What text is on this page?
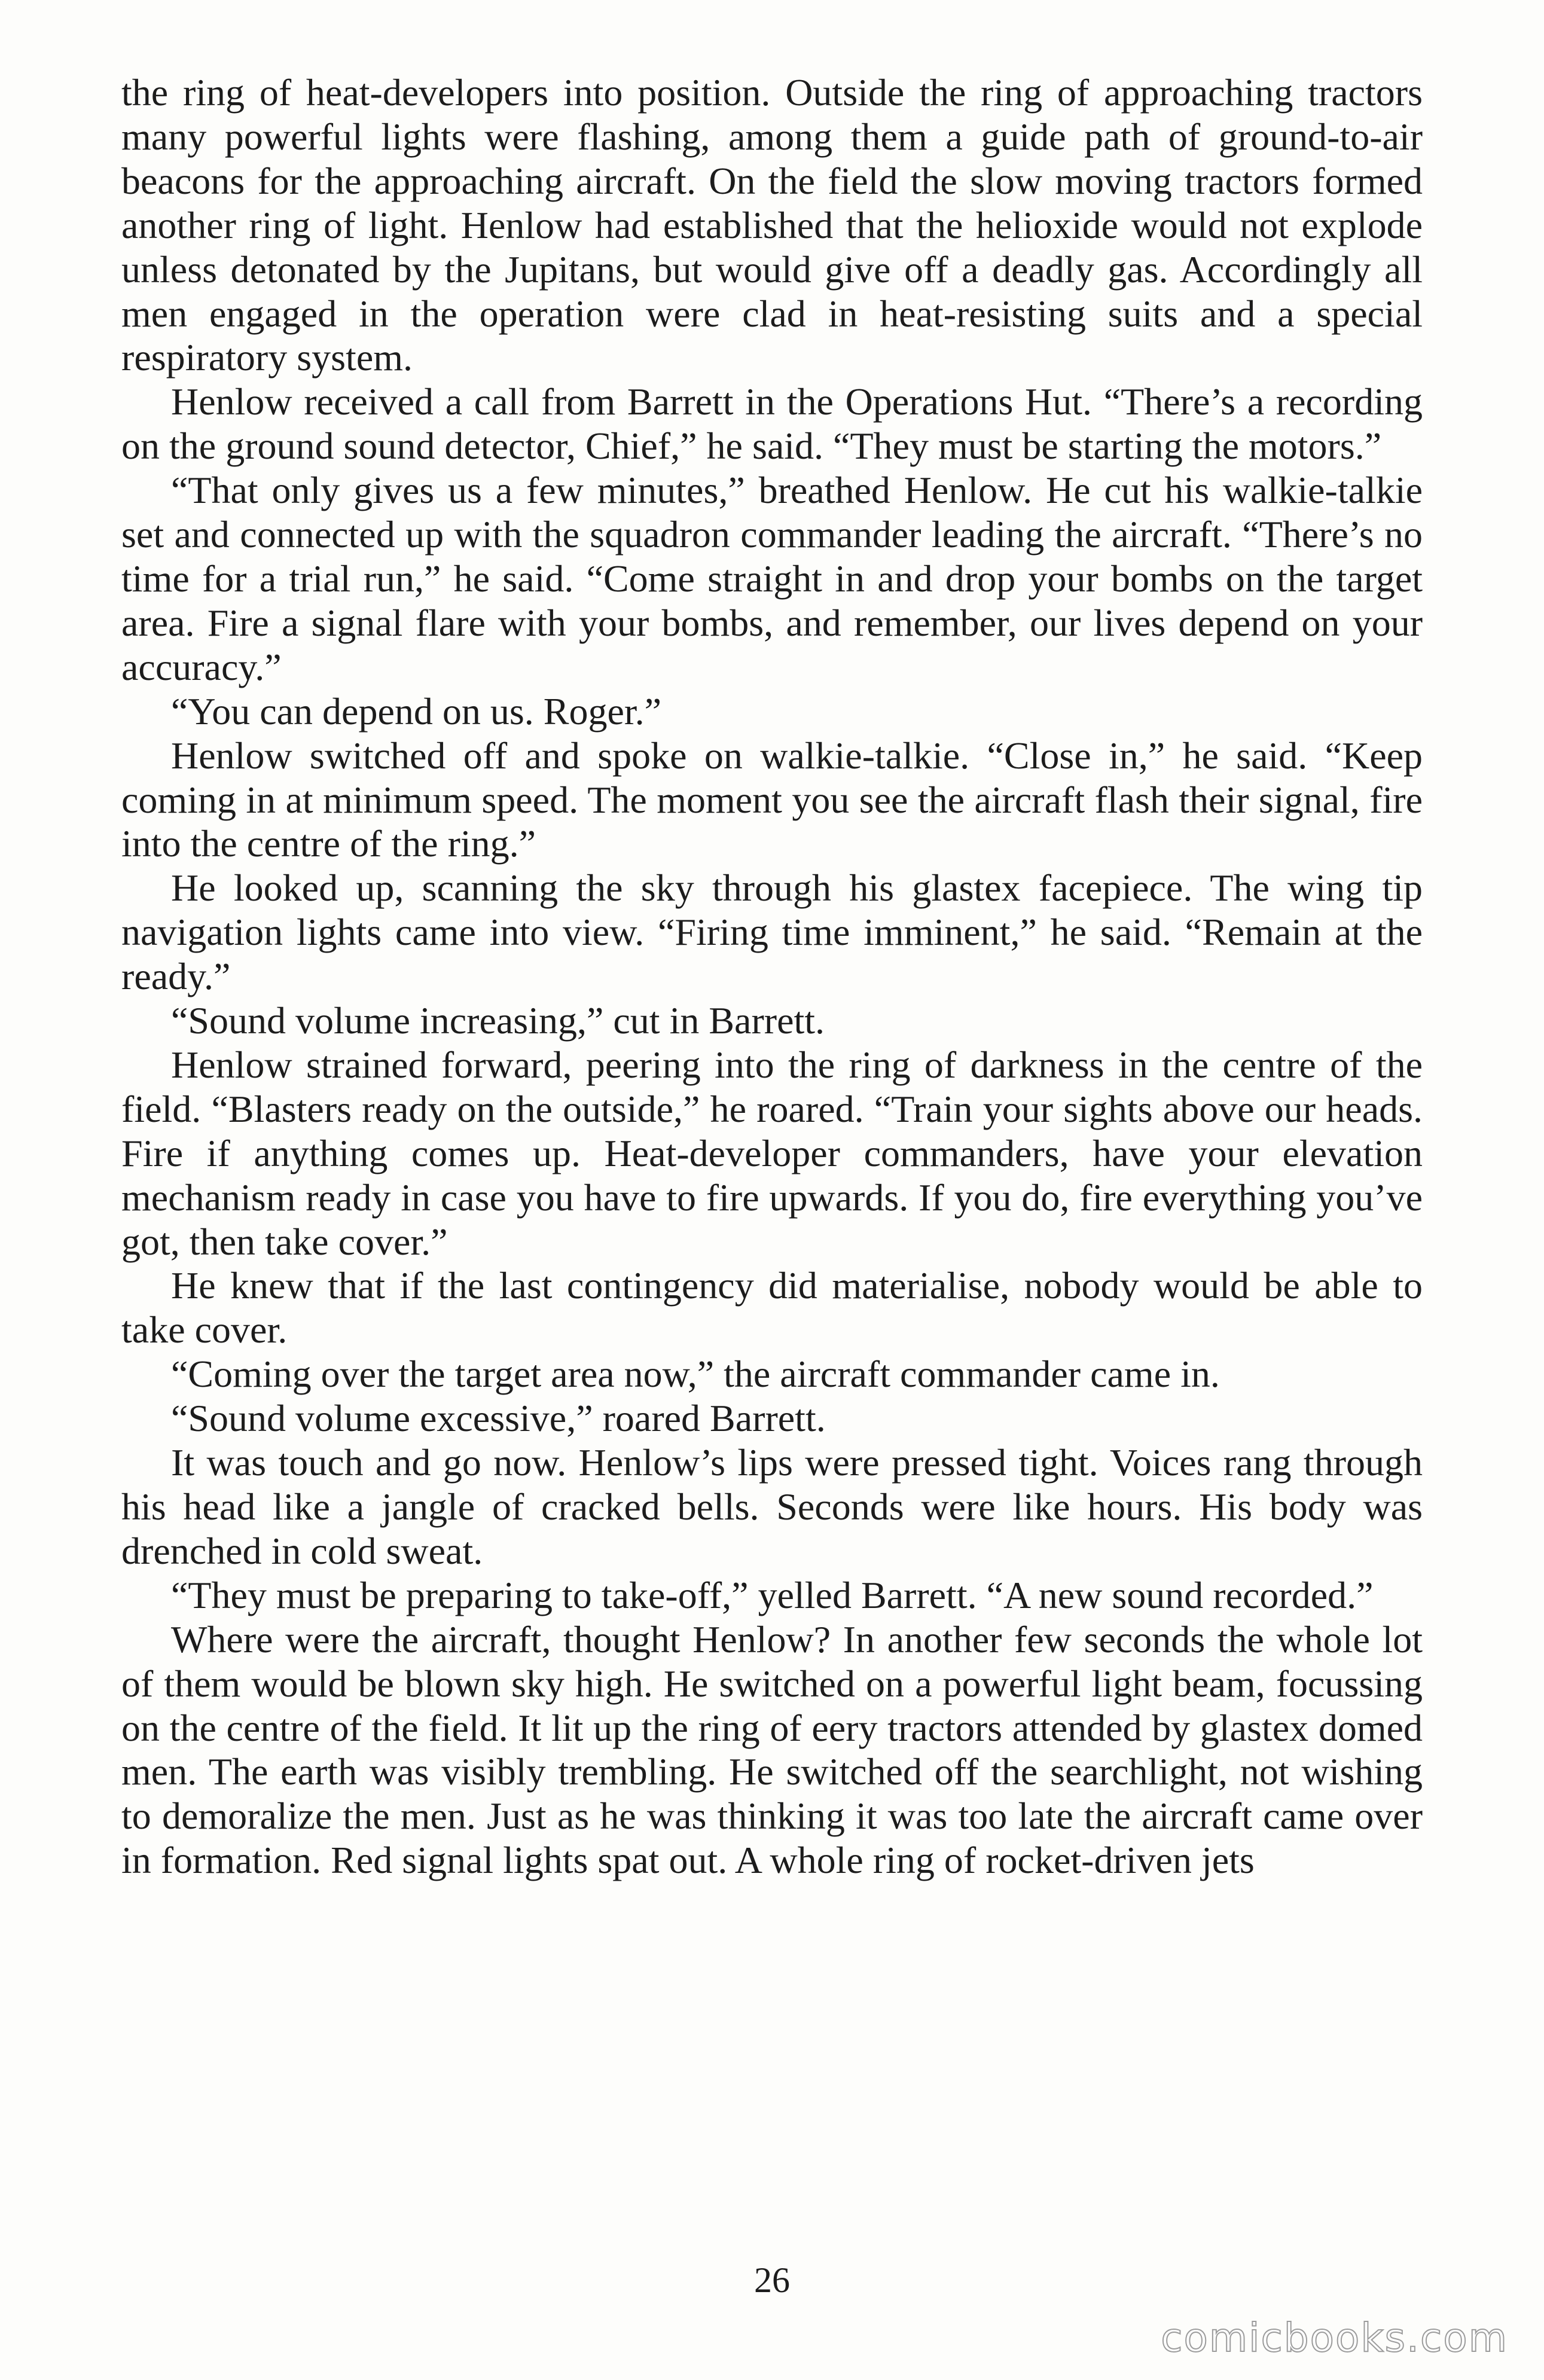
the ring of heat-developers into position. Outside the ring of approaching tractors many powerful lights were flashing, among them a guide path of ground-to-air beacons for the approaching aircraft. On the field the slow moving tractors formed another ring of light. Henlow had established that the helioxide would not explode unless detonated by the Jupitans, but would give off a deadly gas. Accordingly all men engaged in the operation were clad in heat-resisting suits and a special respiratory system.

Henlow received a call from Barrett in the Operations Hut. “There’s a recording on the ground sound detector, Chief,” he said. “They must be starting the motors.”

“That only gives us a few minutes,” breathed Henlow. He cut his walkie-talkie set and connected up with the squadron commander leading the aircraft. “There’s no time for a trial run,” he said. “Come straight in and drop your bombs on the target area. Fire a signal flare with your bombs, and remember, our lives depend on your accuracy.”

“You can depend on us. Roger.”

Henlow switched off and spoke on walkie-talkie. “Close in,” he said. “Keep coming in at minimum speed. The moment you see the aircraft flash their signal, fire into the centre of the ring.”

He looked up, scanning the sky through his glastex facepiece. The wing tip navigation lights came into view. “Firing time imminent,” he said. “Remain at the ready.”

“Sound volume increasing,” cut in Barrett.

Henlow strained forward, peering into the ring of darkness in the centre of the field. “Blasters ready on the outside,” he roared. “Train your sights above our heads. Fire if anything comes up. Heat-developer commanders, have your elevation mechanism ready in case you have to fire upwards. If you do, fire everything you’ve got, then take cover.”

He knew that if the last contingency did materialise, nobody would be able to take cover.

“Coming over the target area now,” the aircraft commander came in.

“Sound volume excessive,” roared Barrett.

It was touch and go now. Henlow’s lips were pressed tight. Voices rang through his head like a jangle of cracked bells. Seconds were like hours. His body was drenched in cold sweat.

“They must be preparing to take-off,” yelled Barrett. “A new sound recorded.”

Where were the aircraft, thought Henlow? In another few seconds the whole lot of them would be blown sky high. He switched on a powerful light beam, focussing on the centre of the field. It lit up the ring of eery tractors attended by glastex domed men. The earth was visibly trembling. He switched off the searchlight, not wishing to demoralize the men. Just as he was thinking it was too late the aircraft came over in formation. Red signal lights spat out. A whole ring of rocket-driven jets

26
comicbooks.com
